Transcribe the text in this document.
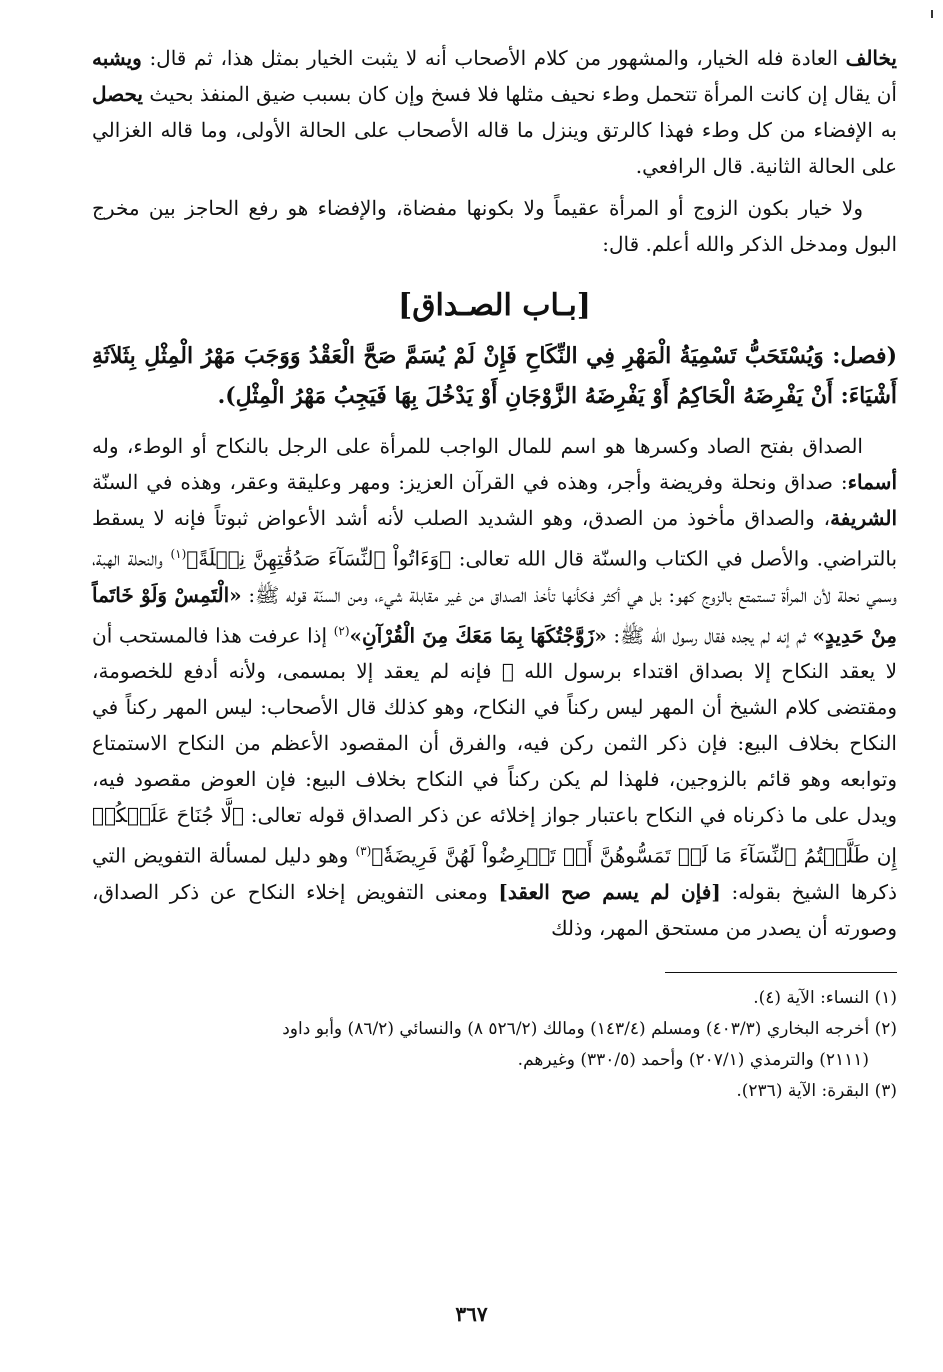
يخالف العادة فله الخيار، والمشهور من كلام الأصحاب أنه لا يثبت الخيار بمثل هذا، ثم قال: ويشبه أن يقال إن كانت المرأة تتحمل وطء نحيف مثلها فلا فسخ وإن كان بسبب ضيق المنفذ بحيث يحصل به الإفضاء من كل وطء فهذا كالرتق وينزل ما قاله الأصحاب على الحالة الأولى، وما قاله الغزالي على الحالة الثانية. قال الرافعي.

ولا خيار بكون الزوج أو المرأة عقيماً ولا بكونها مفضاة، والإفضاء هو رفع الحاجز بين مخرج البول ومدخل الذكر والله أعلم. قال:

[بـاب الصـداق]

(فصل: وَيُسْتَحَبُّ تَسْمِيَةُ الْمَهْرِ فِي النِّكَاحِ فَإِنْ لَمْ يُسَمَّ صَحَّ الْعَقْدُ وَوَجَبَ مَهْرُ الْمِثْلِ بِثَلاَثَةِ أَشْيَاءَ: أَنْ يَفْرِضَهُ الْحَاكِمُ أَوْ يَفْرِضَهُ الزَّوْجَانِ أَوْ يَدْخُلَ بِهَا فَيَجِبُ مَهْرُ الْمِثْلِ).

الصداق بفتح الصاد وكسرها هو اسم للمال الواجب للمرأة على الرجل بالنكاح أو الوطء، وله أسماء: صداق ونحلة وفريضة وأجر، وهذه في القرآن العزيز: ومهر وعليقة وعقر، وهذه في السنّة الشريفة، والصداق مأخوذ من الصدق، وهو الشديد الصلب لأنه أشد الأعواض ثبوتاً فإنه لا يسقط بالتراضي. والأصل في الكتاب والسنّة قال الله تعالى: ﴿وَءَاتُواْ ٱلنِّسَآءَ صَدُقَٰتِهِنَّ نِحۡلَةً﴾$^{(١)}$ والنحلة الهبة، وسمي نحلة لأن المرأة تستمتع بالزوج كهو: بل هي أكثر فكأنها تأخذ الصداق من غير مقابلة شيء، ومن السنّة قوله ﷺ: «الْتَمِسْ وَلَوْ خَاتَماً مِنْ حَدِيدٍ» ثم إنه لم يجده فقال رسول الله ﷺ: «زَوَّجْتُكَهَا بِمَا مَعَكَ مِنَ الْقُرْآنِ»$^{(٢)}$ إذا عرفت هذا فالمستحب أن لا يعقد النكاح إلا بصداق اقتداء برسول الله ﷺ فإنه لم يعقد إلا بمسمى، ولأنه أدفع للخصومة، ومقتضى كلام الشيخ أن المهر ليس ركناً في النكاح، وهو كذلك قال الأصحاب: ليس المهر ركناً في النكاح بخلاف البيع: فإن ذكر الثمن ركن فيه، والفرق أن المقصود الأعظم من النكاح الاستمتاع وتوابعه وهو قائم بالزوجين، فلهذا لم يكن ركناً في النكاح بخلاف البيع: فإن العوض مقصود فيه، ويدل على ما ذكرناه في النكاح باعتبار جواز إخلائه عن ذكر الصداق قوله تعالى: ﴿لَّا جُنَاحَ عَلَيۡكُمۡ إِن طَلَّقۡتُمُ ٱلنِّسَآءَ مَا لَمۡ تَمَسُّوهُنَّ أَوۡ تَفۡرِضُواْ لَهُنَّ فَرِيضَةٗ﴾$^{(٣)}$ وهو دليل لمسألة التفويض التي ذكرها الشيخ بقوله: [فإن لم يسم صح العقد] ومعنى التفويض إخلاء النكاح عن ذكر الصداق، وصورته أن يصدر من مستحق المهر، وذلك

(١) النساء: الآية (٤).

(٢) أخرجه البخاري (٤٠٣/٣) ومسلم (١٤٣/٤) ومالك (٥٢٦/٢ ٨) والنسائي (٨٦/٢) وأبو داود
(٢١١١) والترمذي (٢٠٧/١) وأحمد (٣٣٠/٥) وغيرهم.

(٣) البقرة: الآية (٢٣٦).

٣٦٧
